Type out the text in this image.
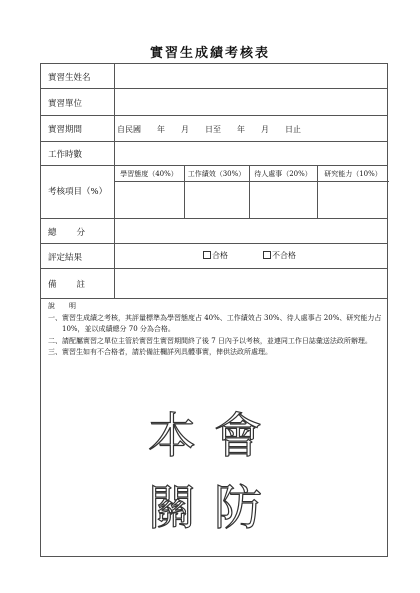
實習生成績考核表
實習生姓名
實習單位
實習期間	自民國　　年　　月　　日至　　年　　月　　日止
工作時數
考核項目（%）
學習態度（40%）	工作績效（30%）	待人處事（20%）	研究能力（10%）
總　　分
評定結果	合格	不合格
備　　註
說　　明
一、 實習生成績之考核，其評量標準為學習態度占 40%、工作績效占 30%、待人處事占 20%、研究能力占 10%，並以成績總分 70 分為合格。
二、 請配屬實習之單位主管於實習生實習期間終了後 7 日內予以考核，並連同工作日誌彙送法政所辦理。
三、 實習生如有不合格者，請於備註欄詳列具體事實，俾供法政所處理。
本會
關防
